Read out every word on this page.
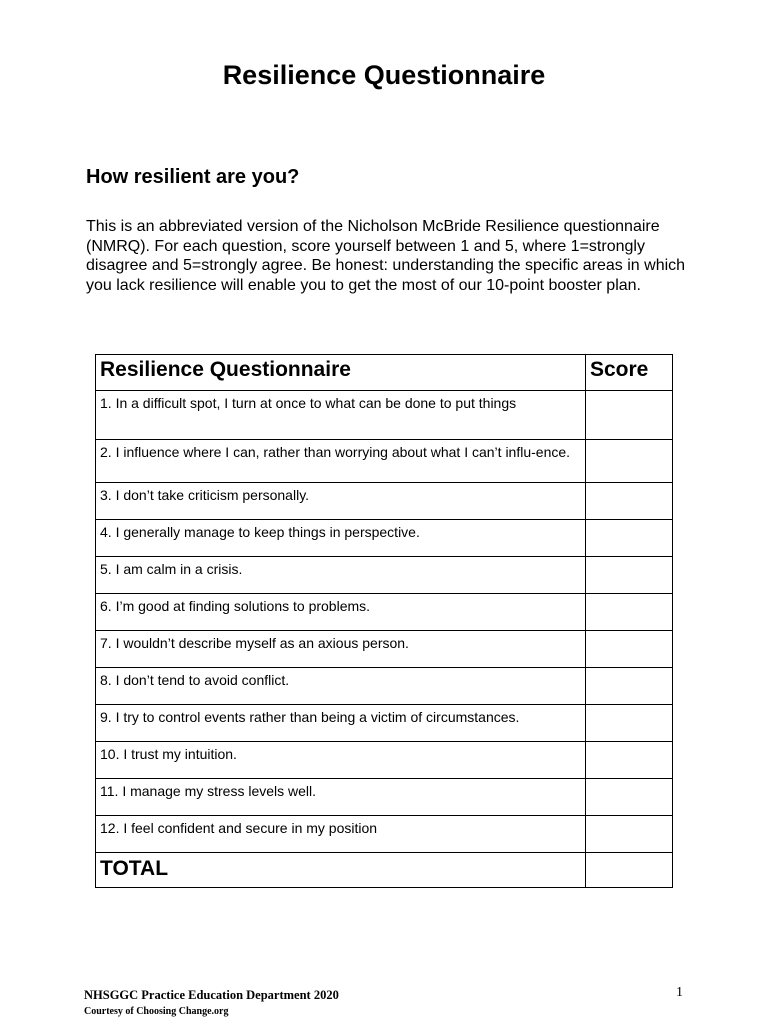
Resilience Questionnaire
How resilient are you?
This is an abbreviated version of the Nicholson McBride Resilience questionnaire (NMRQ). For each question, score yourself between 1 and 5, where 1=strongly disagree and 5=strongly agree. Be honest: understanding the specific areas in which you lack resilience will enable you to get the most of our 10-point booster plan.
Resilience Questionnaire	Score
1. In a difficult spot, I turn at once to what can be done to put things	
2. I influence where I can, rather than worrying about what I can’t influ-ence.	
3. I don’t take criticism personally.	
4. I generally manage to keep things in perspective.	
5. I am calm in a crisis.	
6. I’m good at finding solutions to problems.	
7. I wouldn’t describe myself as an axious person.	
8. I don’t tend to avoid conflict.	
9. I try to control events rather than being a victim of circumstances.	
10. I trust my intuition.	
11. I manage my stress levels well.	
12. I feel confident and secure in my position	
TOTAL	
NHSGGC Practice Education Department 2020
Courtesy of Choosing Change.org
1
